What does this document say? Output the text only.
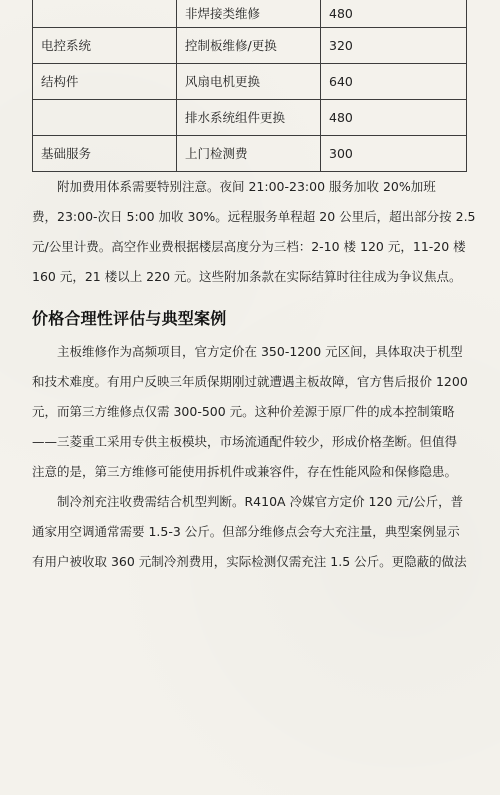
	非焊接类维修	480
电控系统	控制板维修/更换	320
结构件	风扇电机更换	640
	排水系统组件更换	480
基础服务	上门检测费	300

附加费用体系需要特别注意。夜间 21:00-23:00 服务加收 20%加班
费，23:00-次日 5:00 加收 30%。远程服务单程超 20 公里后，超出部分按 2.5
元/公里计费。高空作业费根据楼层高度分为三档：2-10 楼 120 元，11-20 楼
160 元，21 楼以上 220 元。这些附加条款在实际结算时往往成为争议焦点。

价格合理性评估与典型案例

主板维修作为高频项目，官方定价在 350-1200 元区间，具体取决于机型
和技术难度。有用户反映三年质保期刚过就遭遇主板故障，官方售后报价 1200
元，而第三方维修点仅需 300-500 元。这种价差源于原厂件的成本控制策略
——三菱重工采用专供主板模块，市场流通配件较少，形成价格垄断。但值得
注意的是，第三方维修可能使用拆机件或兼容件，存在性能风险和保修隐患。

制冷剂充注收费需结合机型判断。R410A 冷媒官方定价 120 元/公斤，普
通家用空调通常需要 1.5-3 公斤。但部分维修点会夸大充注量，典型案例显示
有用户被收取 360 元制冷剂费用，实际检测仅需充注 1.5 公斤。更隐蔽的做法
